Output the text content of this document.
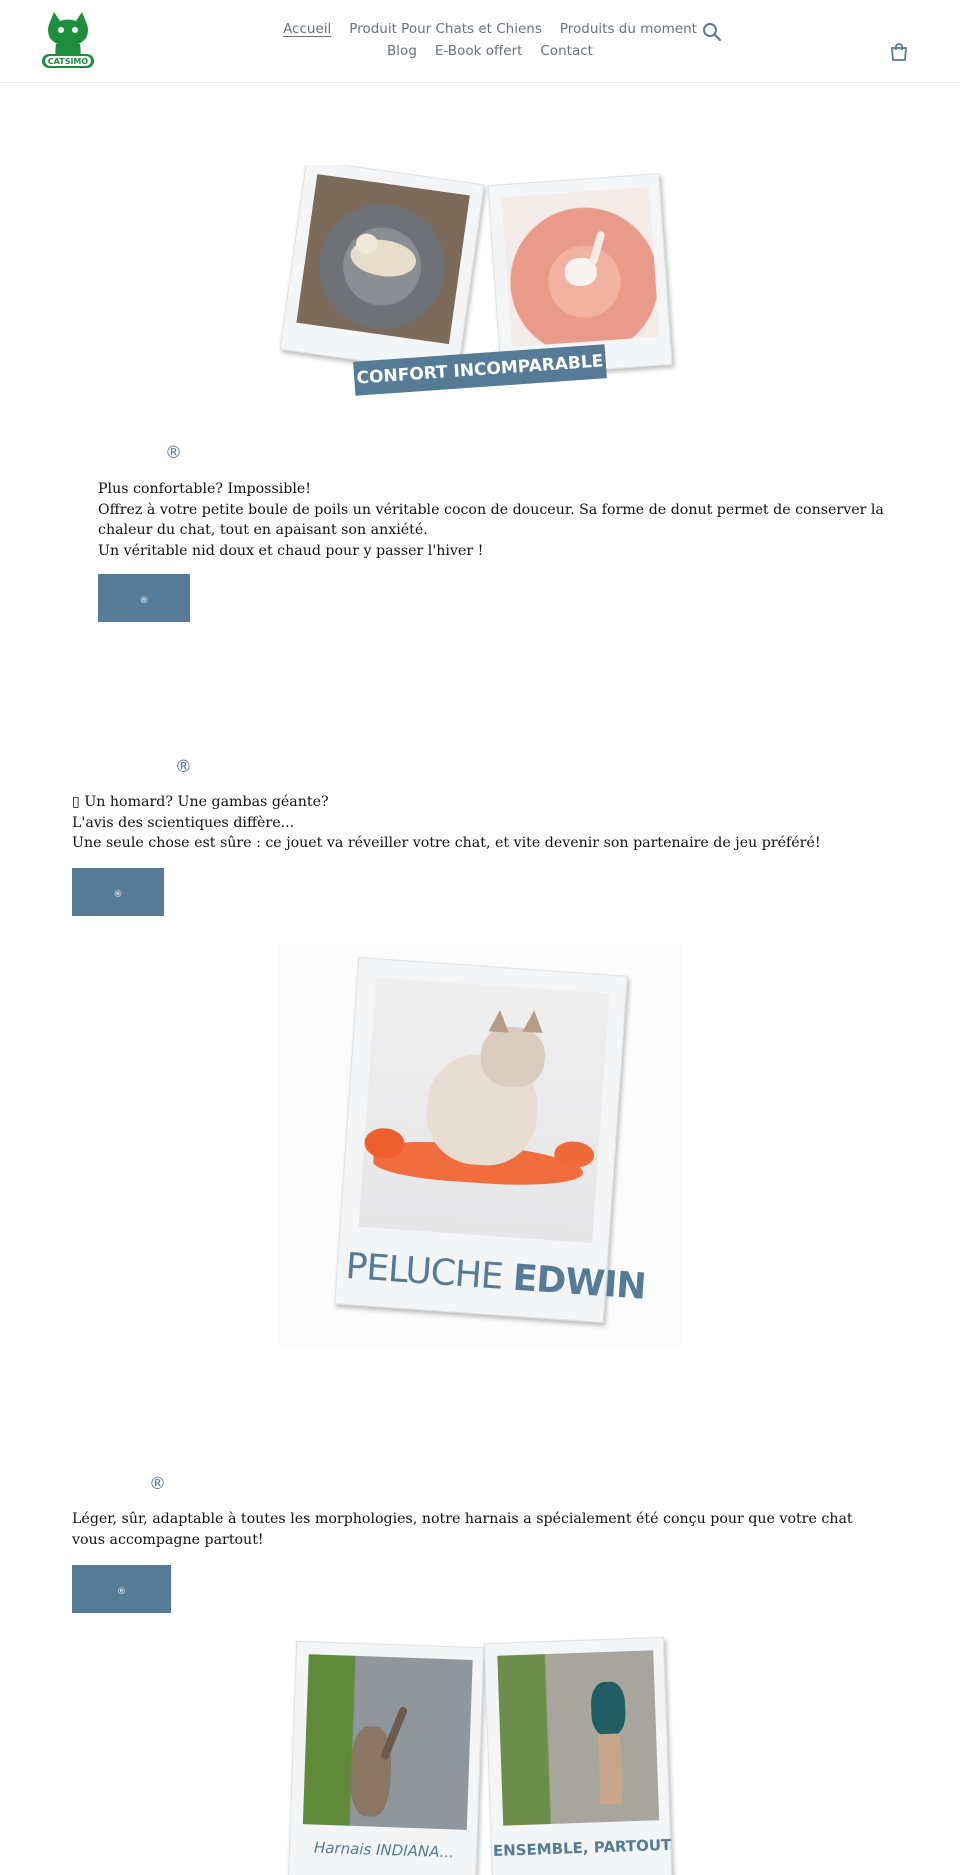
CATSIMO
Accueil Produit Pour Chats et Chiens Produits du moment
Blog E-Book offert Contact
CONFORT INCOMPARABLE
®
Plus confortable? Impossible!
Offrez à votre petite boule de poils un véritable cocon de douceur. Sa forme de donut permet de conserver la
chaleur du chat, tout en apaisant son anxiété.
Un véritable nid doux et chaud pour y passer l'hiver !
®
®
▯ Un homard? Une gambas géante?
L'avis des scientiques diffère...
Une seule chose est sûre : ce jouet va réveiller votre chat, et vite devenir son partenaire de jeu préféré!
®
PELUCHE EDWIN
®
Léger, sûr, adaptable à toutes les morphologies, notre harnais a spécialement été conçu pour que votre chat
vous accompagne partout!
®
Harnais INDIANA...	ENSEMBLE, PARTOUT
